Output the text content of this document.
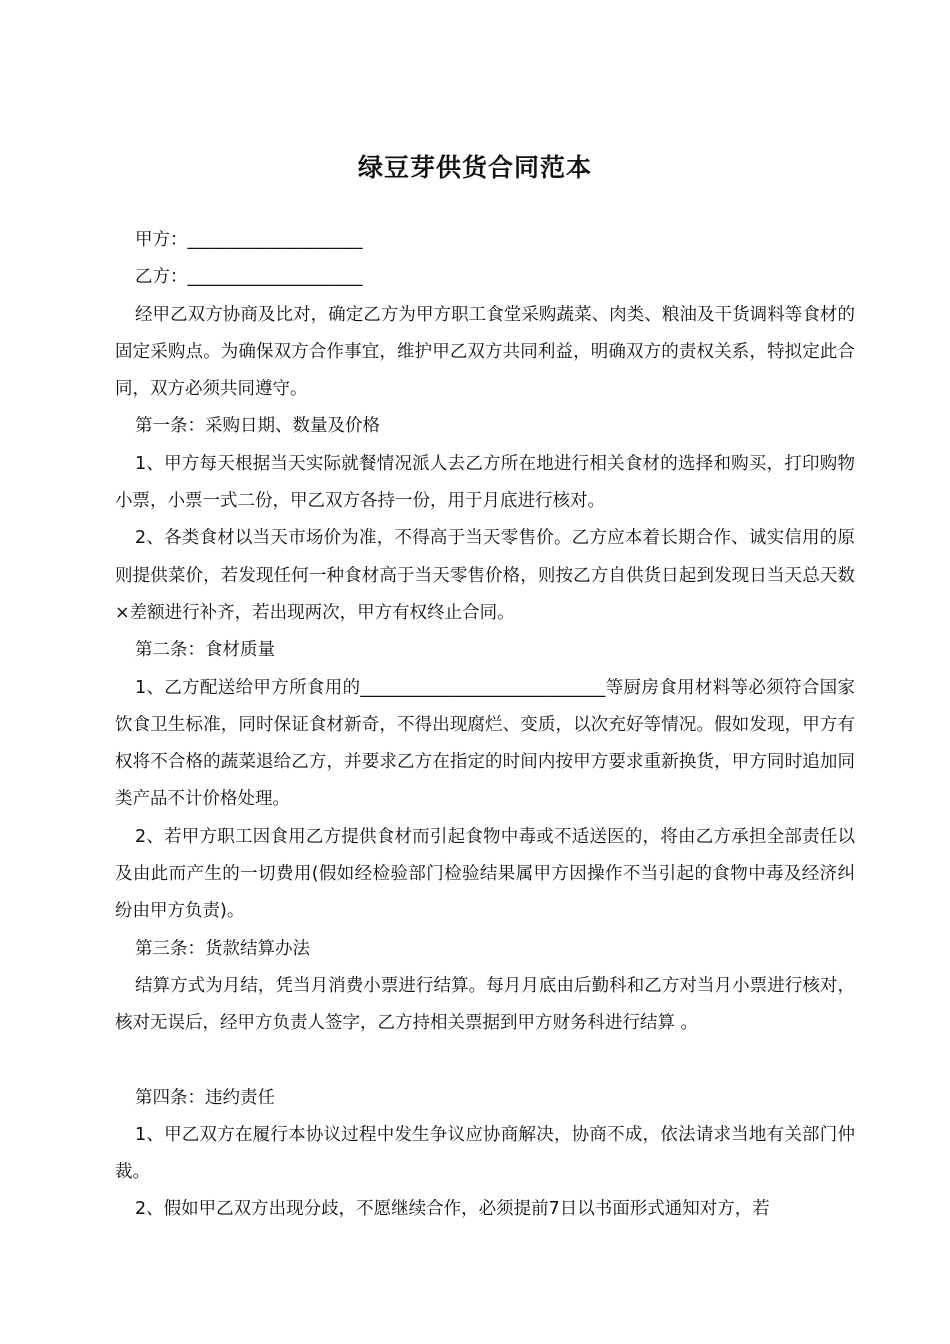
绿豆芽供货合同范本

甲方：____________________

乙方：____________________

经甲乙双方协商及比对，确定乙方为甲方职工食堂采购蔬菜、肉类、粮油及干货调料等食材的固定采购点。为确保双方合作事宜，维护甲乙双方共同利益，明确双方的责权关系，特拟定此合同，双方必须共同遵守。

第一条：采购日期、数量及价格

1、甲方每天根据当天实际就餐情况派人去乙方所在地进行相关食材的选择和购买，打印购物小票，小票一式二份，甲乙双方各持一份，用于月底进行核对。

2、各类食材以当天市场价为准，不得高于当天零售价。乙方应本着长期合作、诚实信用的原则提供菜价，若发现任何一种食材高于当天零售价格，则按乙方自供货日起到发现日当天总天数×差额进行补齐，若出现两次，甲方有权终止合同。

第二条：食材质量

1、乙方配送给甲方所食用的____________________________等厨房食用材料等必须符合国家饮食卫生标准，同时保证食材新奇，不得出现腐烂、变质，以次充好等情况。假如发现，甲方有权将不合格的蔬菜退给乙方，并要求乙方在指定的时间内按甲方要求重新换货，甲方同时追加同类产品不计价格处理。

2、若甲方职工因食用乙方提供食材而引起食物中毒或不适送医的，将由乙方承担全部责任以及由此而产生的一切费用(假如经检验部门检验结果属甲方因操作不当引起的食物中毒及经济纠纷由甲方负责)。

第三条：货款结算办法

结算方式为月结，凭当月消费小票进行结算。每月月底由后勤科和乙方对当月小票进行核对，核对无误后，经甲方负责人签字，乙方持相关票据到甲方财务科进行结算 。

第四条：违约责任

1、甲乙双方在履行本协议过程中发生争议应协商解决，协商不成，依法请求当地有关部门仲裁。

2、假如甲乙双方出现分歧，不愿继续合作，必须提前7日以书面形式通知对方，若
